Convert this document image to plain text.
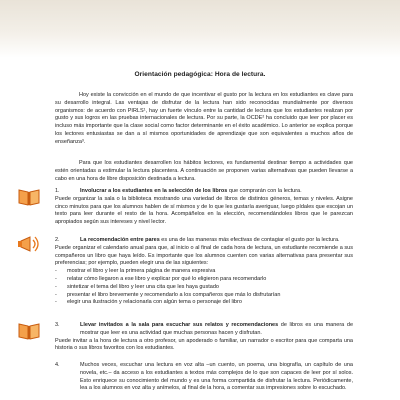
Orientación pedagógica: Hora de lectura.

Hoy existe la convicción en el mundo de que incentivar el gusto por la lectura en los estudiantes es clave para su desarrollo integral. Las ventajas de disfrutar de la lectura han sido reconocidas mundialmente por diversos organismos: de acuerdo con PIRLS¹, hay un fuerte vínculo entre la cantidad de lectura que los estudiantes realizan por gusto y sus logros en las pruebas internacionales de lectura. Por su parte, la OCDE² ha concluido que leer por placer es incluso más importante que la clase social como factor determinante en el éxito académico. Lo anterior se explica porque los lectores entusiastas se dan a sí mismos oportunidades de aprendizaje que son equivalentes a muchos años de enseñanza³.

Para que los estudiantes desarrollen los hábitos lectores, es fundamental destinar tiempo a actividades que estén orientadas a estimular la lectura placentera. A continuación se proponen varias alternativas que pueden llevarse a cabo en una hora de libre disposición destinada a lectura.

1.	Involucrar a los estudiantes en la selección de los libros que comprarán con la lectura.
Puede organizar la sala o la biblioteca mostrando una variedad de libros de distintos géneros, temas y niveles. Asigne cinco minutos para que los alumnos hablen de sí mismos y de lo que les gustaría averiguar, luego pídales que escojan un texto para leer durante el resto de la hora. Acompáñelos en la elección, recomendándoles libros que le parezcan apropiados según sus intereses y nivel lector.
2.	La recomendación entre pares es una de las maneras más efectivas de contagiar el gusto por la lectura.
Puede organizar el calendario anual para que, al inicio o al final de cada hora de lectura, un estudiante recomiende a sus compañeros un libro que haya leído. Es importante que los alumnos cuenten con varias alternativas para presentar sus preferencias; por ejemplo, pueden elegir una de las siguientes:
- mostrar el libro y leer la primera página de manera expresiva
- relatar cómo llegaron a ese libro y explicar por qué lo eligieron para recomendarlo
- sintetizar el tema del libro y leer una cita que les haya gustado
- presentar el libro brevemente y recomendarlo a los compañeros que más lo disfrutarían
- elegir una ilustración y relacionarla con algún tema o personaje del libro
3.	Llevar invitados a la sala para escuchar sus relatos y recomendaciones de libros es una manera de mostrar que leer es una actividad que muchas personas hacen y disfrutan.
Puede invitar a la hora de lectura a otro profesor, un apoderado o familiar, un narrador o escritor para que comparta una historia o sus libros favoritos con los estudiantes.
4.	Muchos veces, escuchar una lectura en voz alta –un cuento, un poema, una biografía, un capítulo de una novela, etc.– da acceso a los estudiantes a textos más complejos de lo que son capaces de leer por sí solos. Esto enriquece su conocimiento del mundo y es una forma compartida de disfrutar la lectura. Periódicamente, lea a los alumnos en voz alta y anímelos, al final de la hora, a comentar sus impresiones sobre lo escuchado.
